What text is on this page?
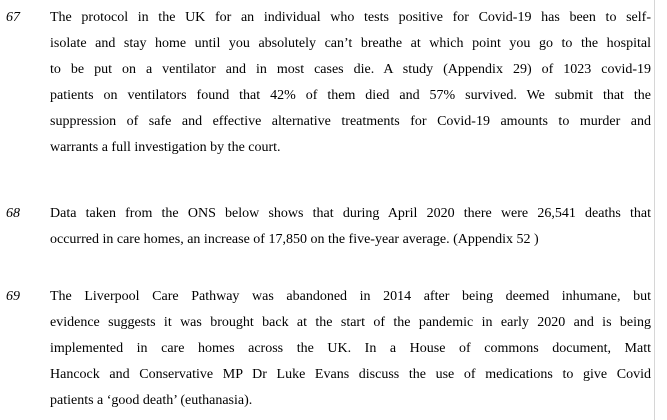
67 The protocol in the UK for an individual who tests positive for Covid-19 has been to self-
isolate and stay home until you absolutely can’t breathe at which point you go to the hospital
to be put on a ventilator and in most cases die. A study (Appendix 29) of 1023 covid-19
patients on ventilators found that 42% of them died and 57% survived. We submit that the
suppression of safe and effective alternative treatments for Covid-19 amounts to murder and
warrants a full investigation by the court.
68 Data taken from the ONS below shows that during April 2020 there were 26,541 deaths that
occurred in care homes, an increase of 17,850 on the five-year average. (Appendix 52 )
69 The Liverpool Care Pathway was abandoned in 2014 after being deemed inhumane, but
evidence suggests it was brought back at the start of the pandemic in early 2020 and is being
implemented in care homes across the UK. In a House of commons document, Matt
Hancock and Conservative MP Dr Luke Evans discuss the use of medications to give Covid
patients a ‘good death’ (euthanasia).
